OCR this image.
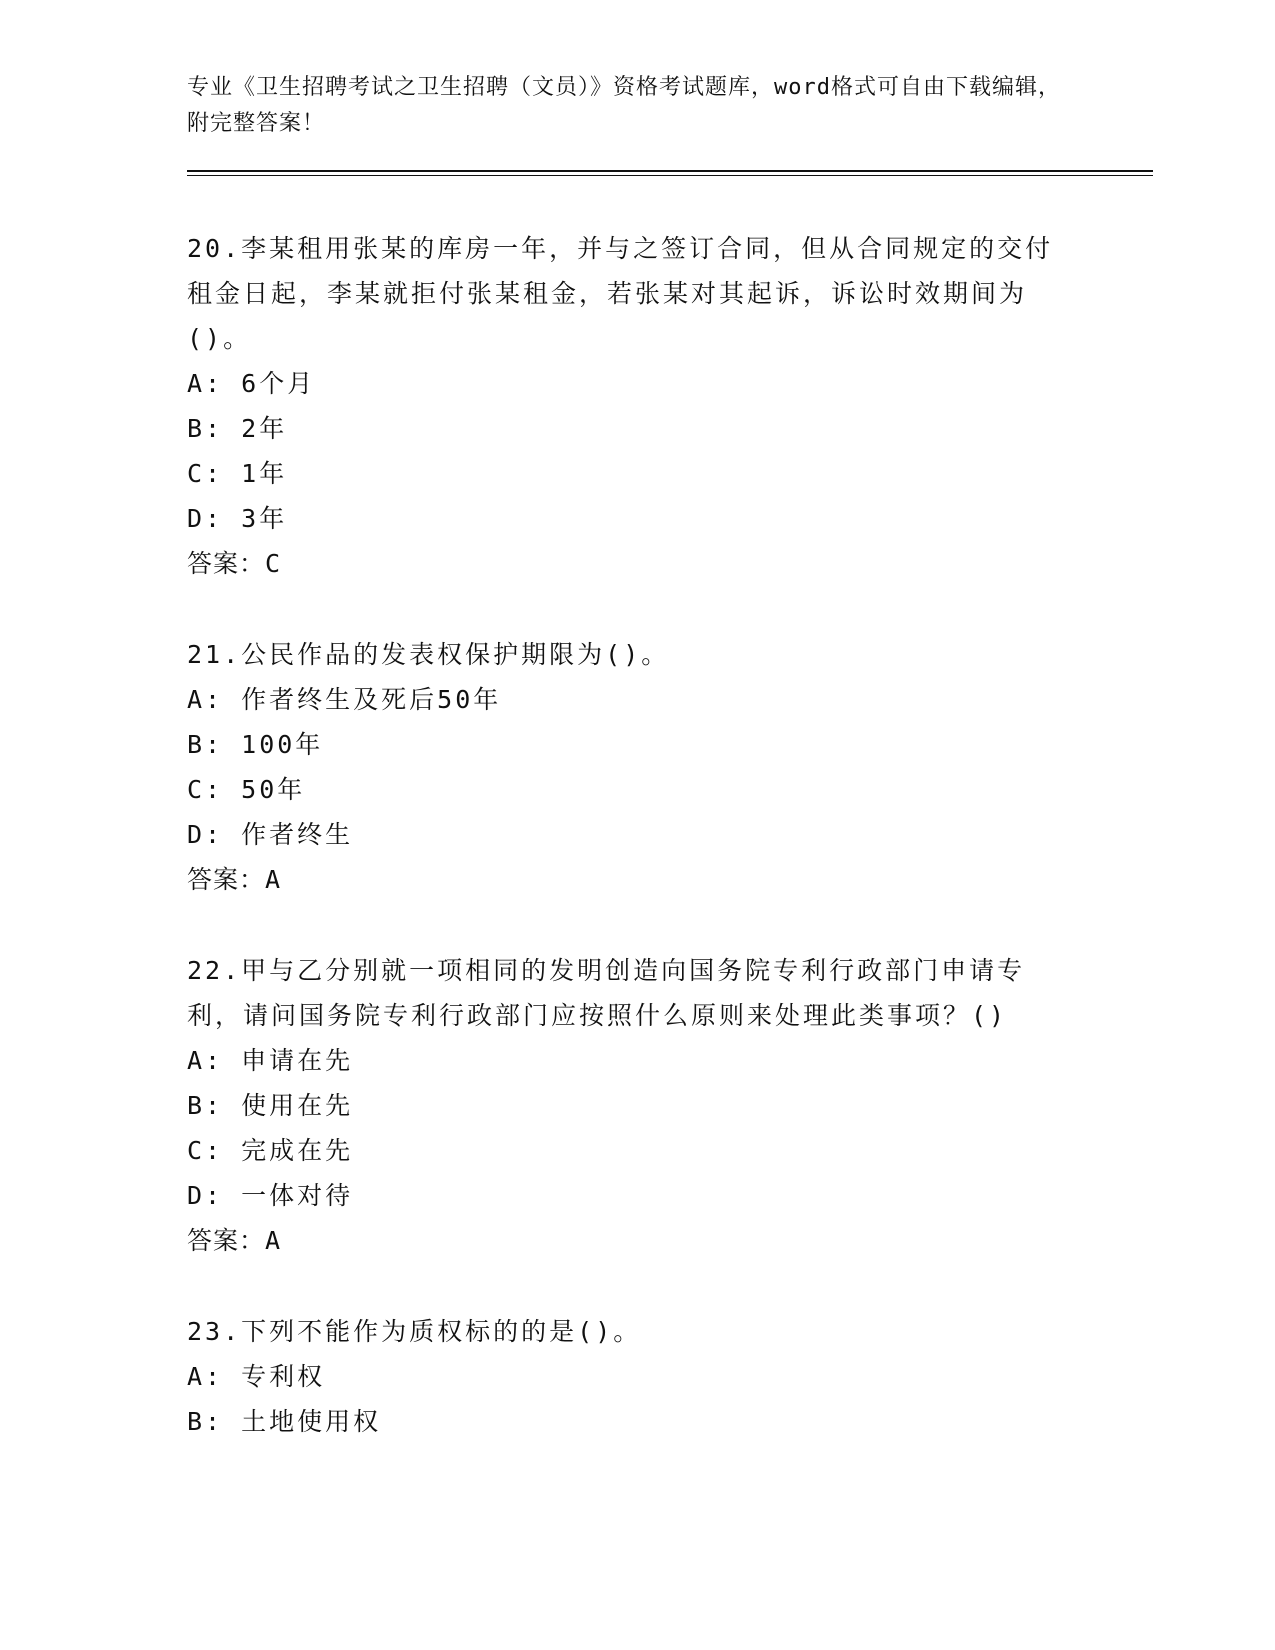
专业《卫生招聘考试之卫生招聘（文员）》资格考试题库，word格式可自由下载编辑，附完整答案！

20.李某租用张某的库房一年，并与之签订合同，但从合同规定的交付租金日起，李某就拒付张某租金，若张某对其起诉，诉讼时效期间为()。

A: 6个月

B: 2年

C: 1年

D: 3年

答案：C

21.公民作品的发表权保护期限为()。

A: 作者终生及死后50年

B: 100年

C: 50年

D: 作者终生

答案：A

22.甲与乙分别就一项相同的发明创造向国务院专利行政部门申请专利，请问国务院专利行政部门应按照什么原则来处理此类事项？()

A: 申请在先

B: 使用在先

C: 完成在先

D: 一体对待

答案：A

23.下列不能作为质权标的的是()。

A: 专利权

B: 土地使用权
